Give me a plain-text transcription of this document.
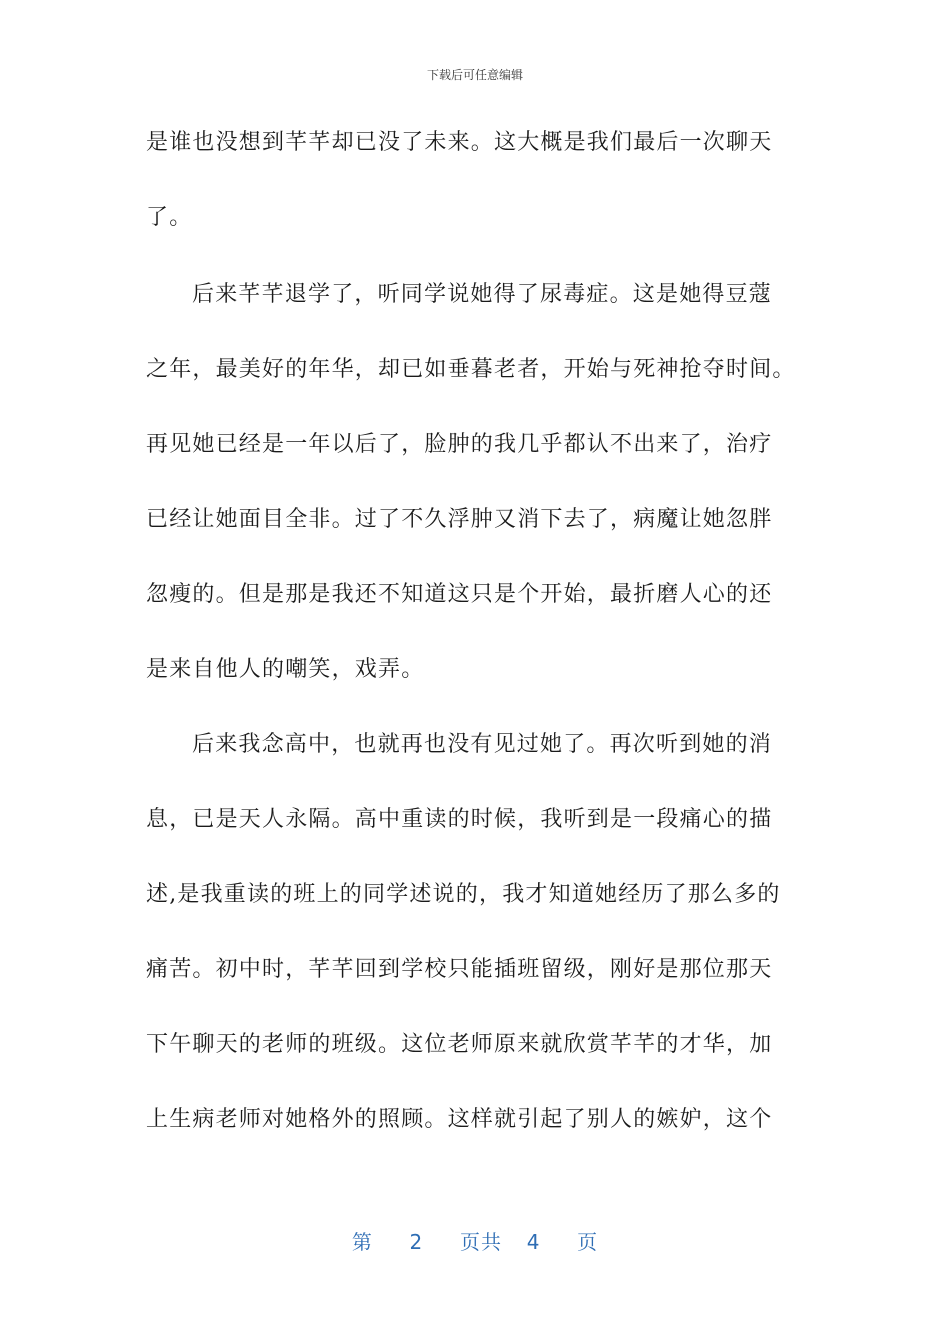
下载后可任意编辑
是谁也没想到芊芊却已没了未来。这大概是我们最后一次聊天
了。
后来芊芊退学了，听同学说她得了尿毒症。这是她得豆蔻
之年，最美好的年华，却已如垂暮老者，开始与死神抢夺时间。
再见她已经是一年以后了，脸肿的我几乎都认不出来了，治疗
已经让她面目全非。过了不久浮肿又消下去了，病魔让她忽胖
忽瘦的。但是那是我还不知道这只是个开始，最折磨人心的还
是来自他人的嘲笑，戏弄。
后来我念高中，也就再也没有见过她了。再次听到她的消
息，已是天人永隔。高中重读的时候，我听到是一段痛心的描
述,是我重读的班上的同学述说的，我才知道她经历了那么多的
痛苦。初中时，芊芊回到学校只能插班留级，刚好是那位那天
下午聊天的老师的班级。这位老师原来就欣赏芊芊的才华，加
上生病老师对她格外的照顾。这样就引起了别人的嫉妒，这个
第 2 页共 4 页
